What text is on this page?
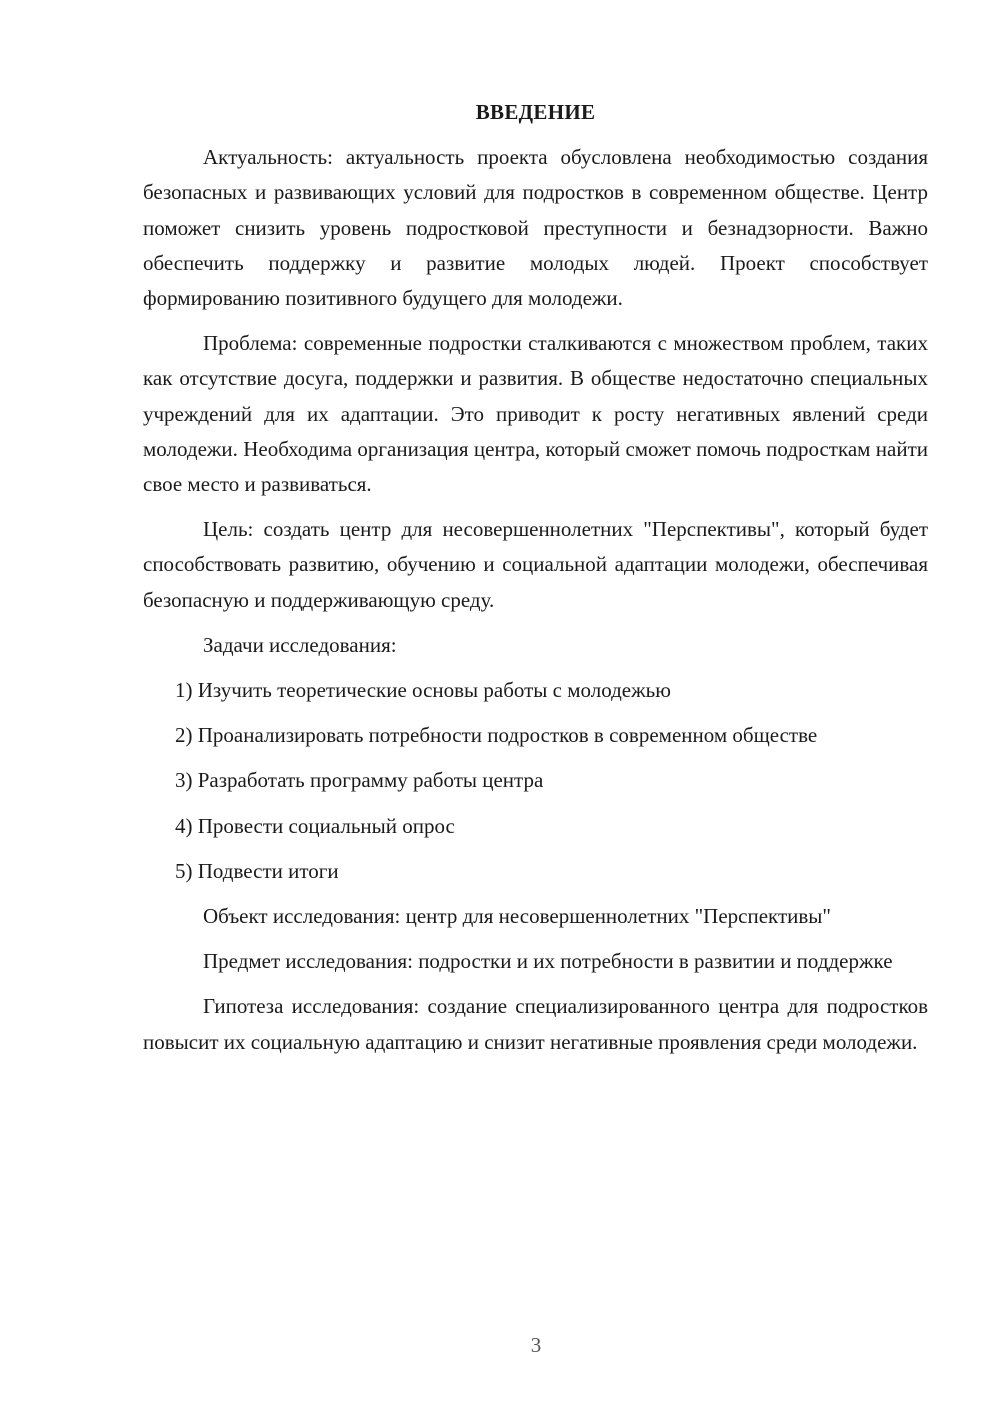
ВВЕДЕНИЕ

Актуальность: актуальность проекта обусловлена необходимостью создания безопасных и развивающих условий для подростков в современном обществе. Центр поможет снизить уровень подростковой преступности и безнадзорности. Важно обеспечить поддержку и развитие молодых людей. Проект способствует формированию позитивного будущего для молодежи.

Проблема: современные подростки сталкиваются с множеством проблем, таких как отсутствие досуга, поддержки и развития. В обществе недостаточно специальных учреждений для их адаптации. Это приводит к росту негативных явлений среди молодежи. Необходима организация центра, который сможет помочь подросткам найти свое место и развиваться.

Цель: создать центр для несовершеннолетних "Перспективы", который будет способствовать развитию, обучению и социальной адаптации молодежи, обеспечивая безопасную и поддерживающую среду.

Задачи исследования:

1) Изучить теоретические основы работы с молодежью

2) Проанализировать потребности подростков в современном обществе

3) Разработать программу работы центра

4) Провести социальный опрос

5) Подвести итоги

Объект исследования: центр для несовершеннолетних "Перспективы"

Предмет исследования: подростки и их потребности в развитии и поддержке

Гипотеза исследования: создание специализированного центра для подростков повысит их социальную адаптацию и снизит негативные проявления среди молодежи.

3
